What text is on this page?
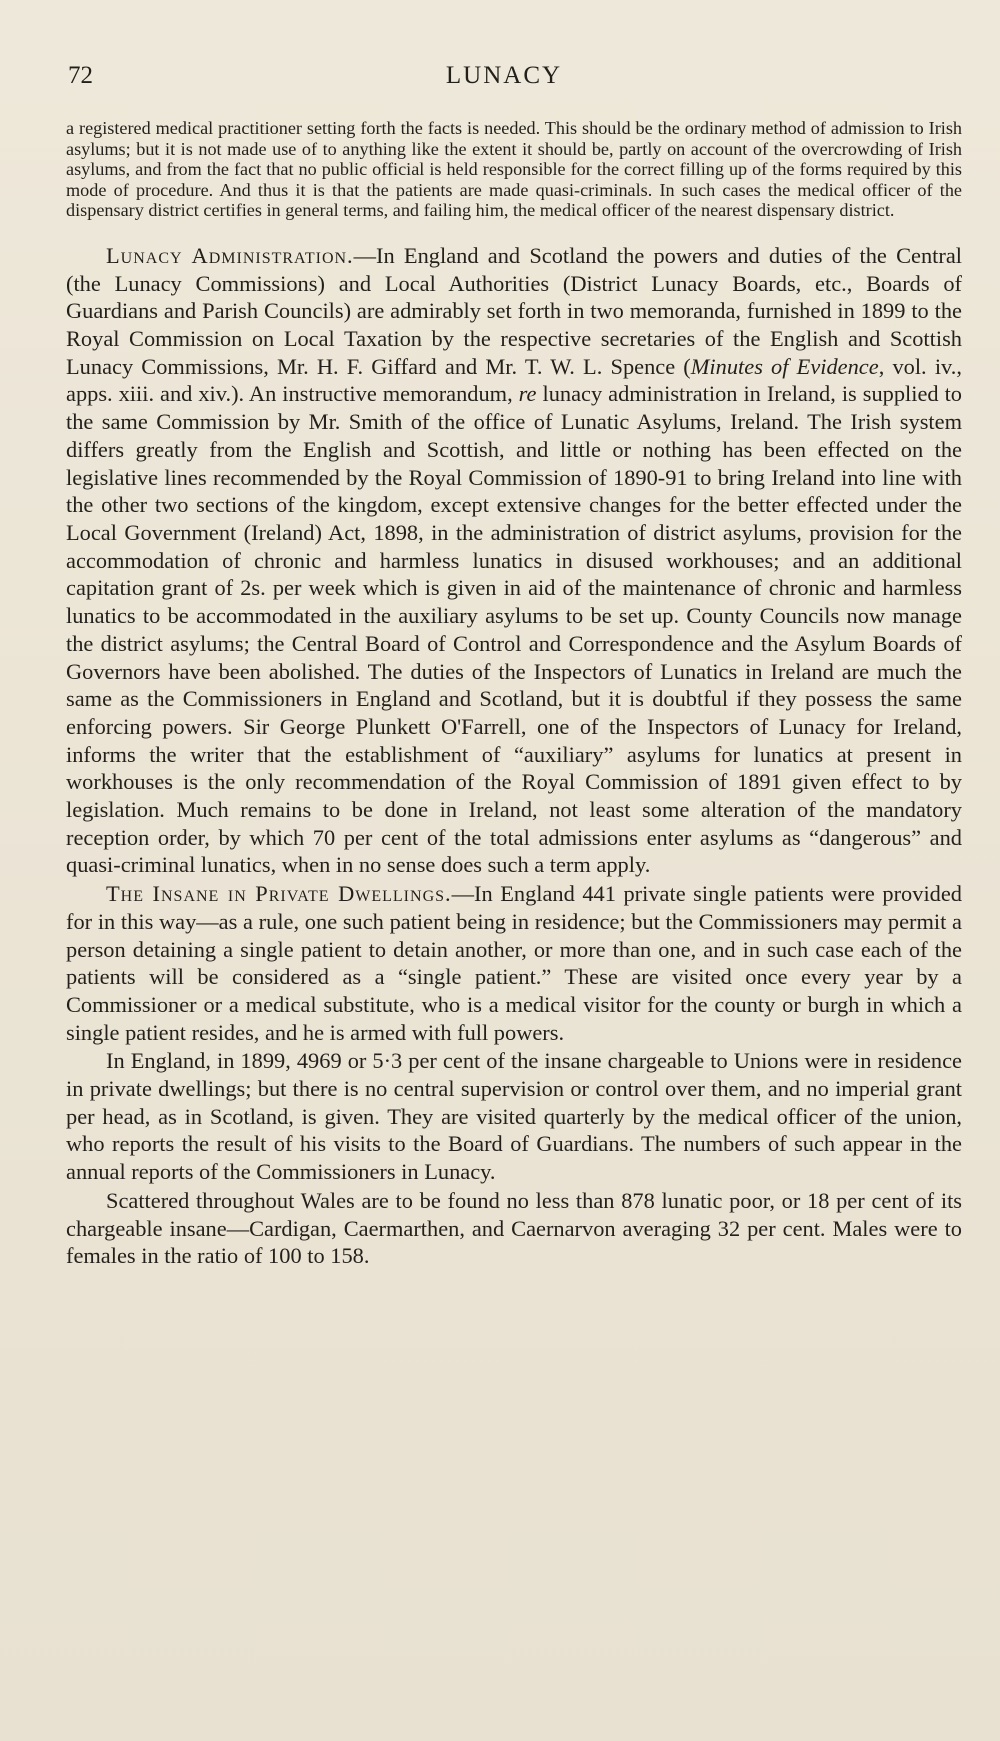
72	LUNACY

a registered medical practitioner setting forth the facts is needed. This should be the ordinary method of admission to Irish asylums; but it is not made use of to anything like the extent it should be, partly on account of the overcrowding of Irish asylums, and from the fact that no public official is held responsible for the correct filling up of the forms required by this mode of procedure. And thus it is that the patients are made quasi-criminals. In such cases the medical officer of the dispensary district certifies in general terms, and failing him, the medical officer of the nearest dispensary district.

Lunacy Administration.—In England and Scotland the powers and duties of the Central (the Lunacy Commissions) and Local Authorities (District Lunacy Boards, etc., Boards of Guardians and Parish Councils) are admirably set forth in two memoranda, furnished in 1899 to the Royal Commission on Local Taxation by the respective secretaries of the English and Scottish Lunacy Commissions, Mr. H. F. Giffard and Mr. T. W. L. Spence (Minutes of Evidence, vol. iv., apps. xiii. and xiv.). An instructive memorandum, re lunacy administration in Ireland, is supplied to the same Commission by Mr. Smith of the office of Lunatic Asylums, Ireland. The Irish system differs greatly from the English and Scottish, and little or nothing has been effected on the legislative lines recommended by the Royal Commission of 1890-91 to bring Ireland into line with the other two sections of the kingdom, except extensive changes for the better effected under the Local Government (Ireland) Act, 1898, in the administration of district asylums, provision for the accommodation of chronic and harmless lunatics in disused workhouses; and an additional capitation grant of 2s. per week which is given in aid of the maintenance of chronic and harmless lunatics to be accommodated in the auxiliary asylums to be set up. County Councils now manage the district asylums; the Central Board of Control and Correspondence and the Asylum Boards of Governors have been abolished. The duties of the Inspectors of Lunatics in Ireland are much the same as the Commissioners in England and Scotland, but it is doubtful if they possess the same enforcing powers. Sir George Plunkett O'Farrell, one of the Inspectors of Lunacy for Ireland, informs the writer that the establishment of “auxiliary” asylums for lunatics at present in workhouses is the only recommendation of the Royal Commission of 1891 given effect to by legislation. Much remains to be done in Ireland, not least some alteration of the mandatory reception order, by which 70 per cent of the total admissions enter asylums as “dangerous” and quasi-criminal lunatics, when in no sense does such a term apply.

The Insane in Private Dwellings.—In England 441 private single patients were provided for in this way—as a rule, one such patient being in residence; but the Commissioners may permit a person detaining a single patient to detain another, or more than one, and in such case each of the patients will be considered as a “single patient.” These are visited once every year by a Commissioner or a medical substitute, who is a medical visitor for the county or burgh in which a single patient resides, and he is armed with full powers.

In England, in 1899, 4969 or 5·3 per cent of the insane chargeable to Unions were in residence in private dwellings; but there is no central supervision or control over them, and no imperial grant per head, as in Scotland, is given. They are visited quarterly by the medical officer of the union, who reports the result of his visits to the Board of Guardians. The numbers of such appear in the annual reports of the Commissioners in Lunacy.

Scattered throughout Wales are to be found no less than 878 lunatic poor, or 18 per cent of its chargeable insane—Cardigan, Caermarthen, and Caernarvon averaging 32 per cent. Males were to females in the ratio of 100 to 158.
